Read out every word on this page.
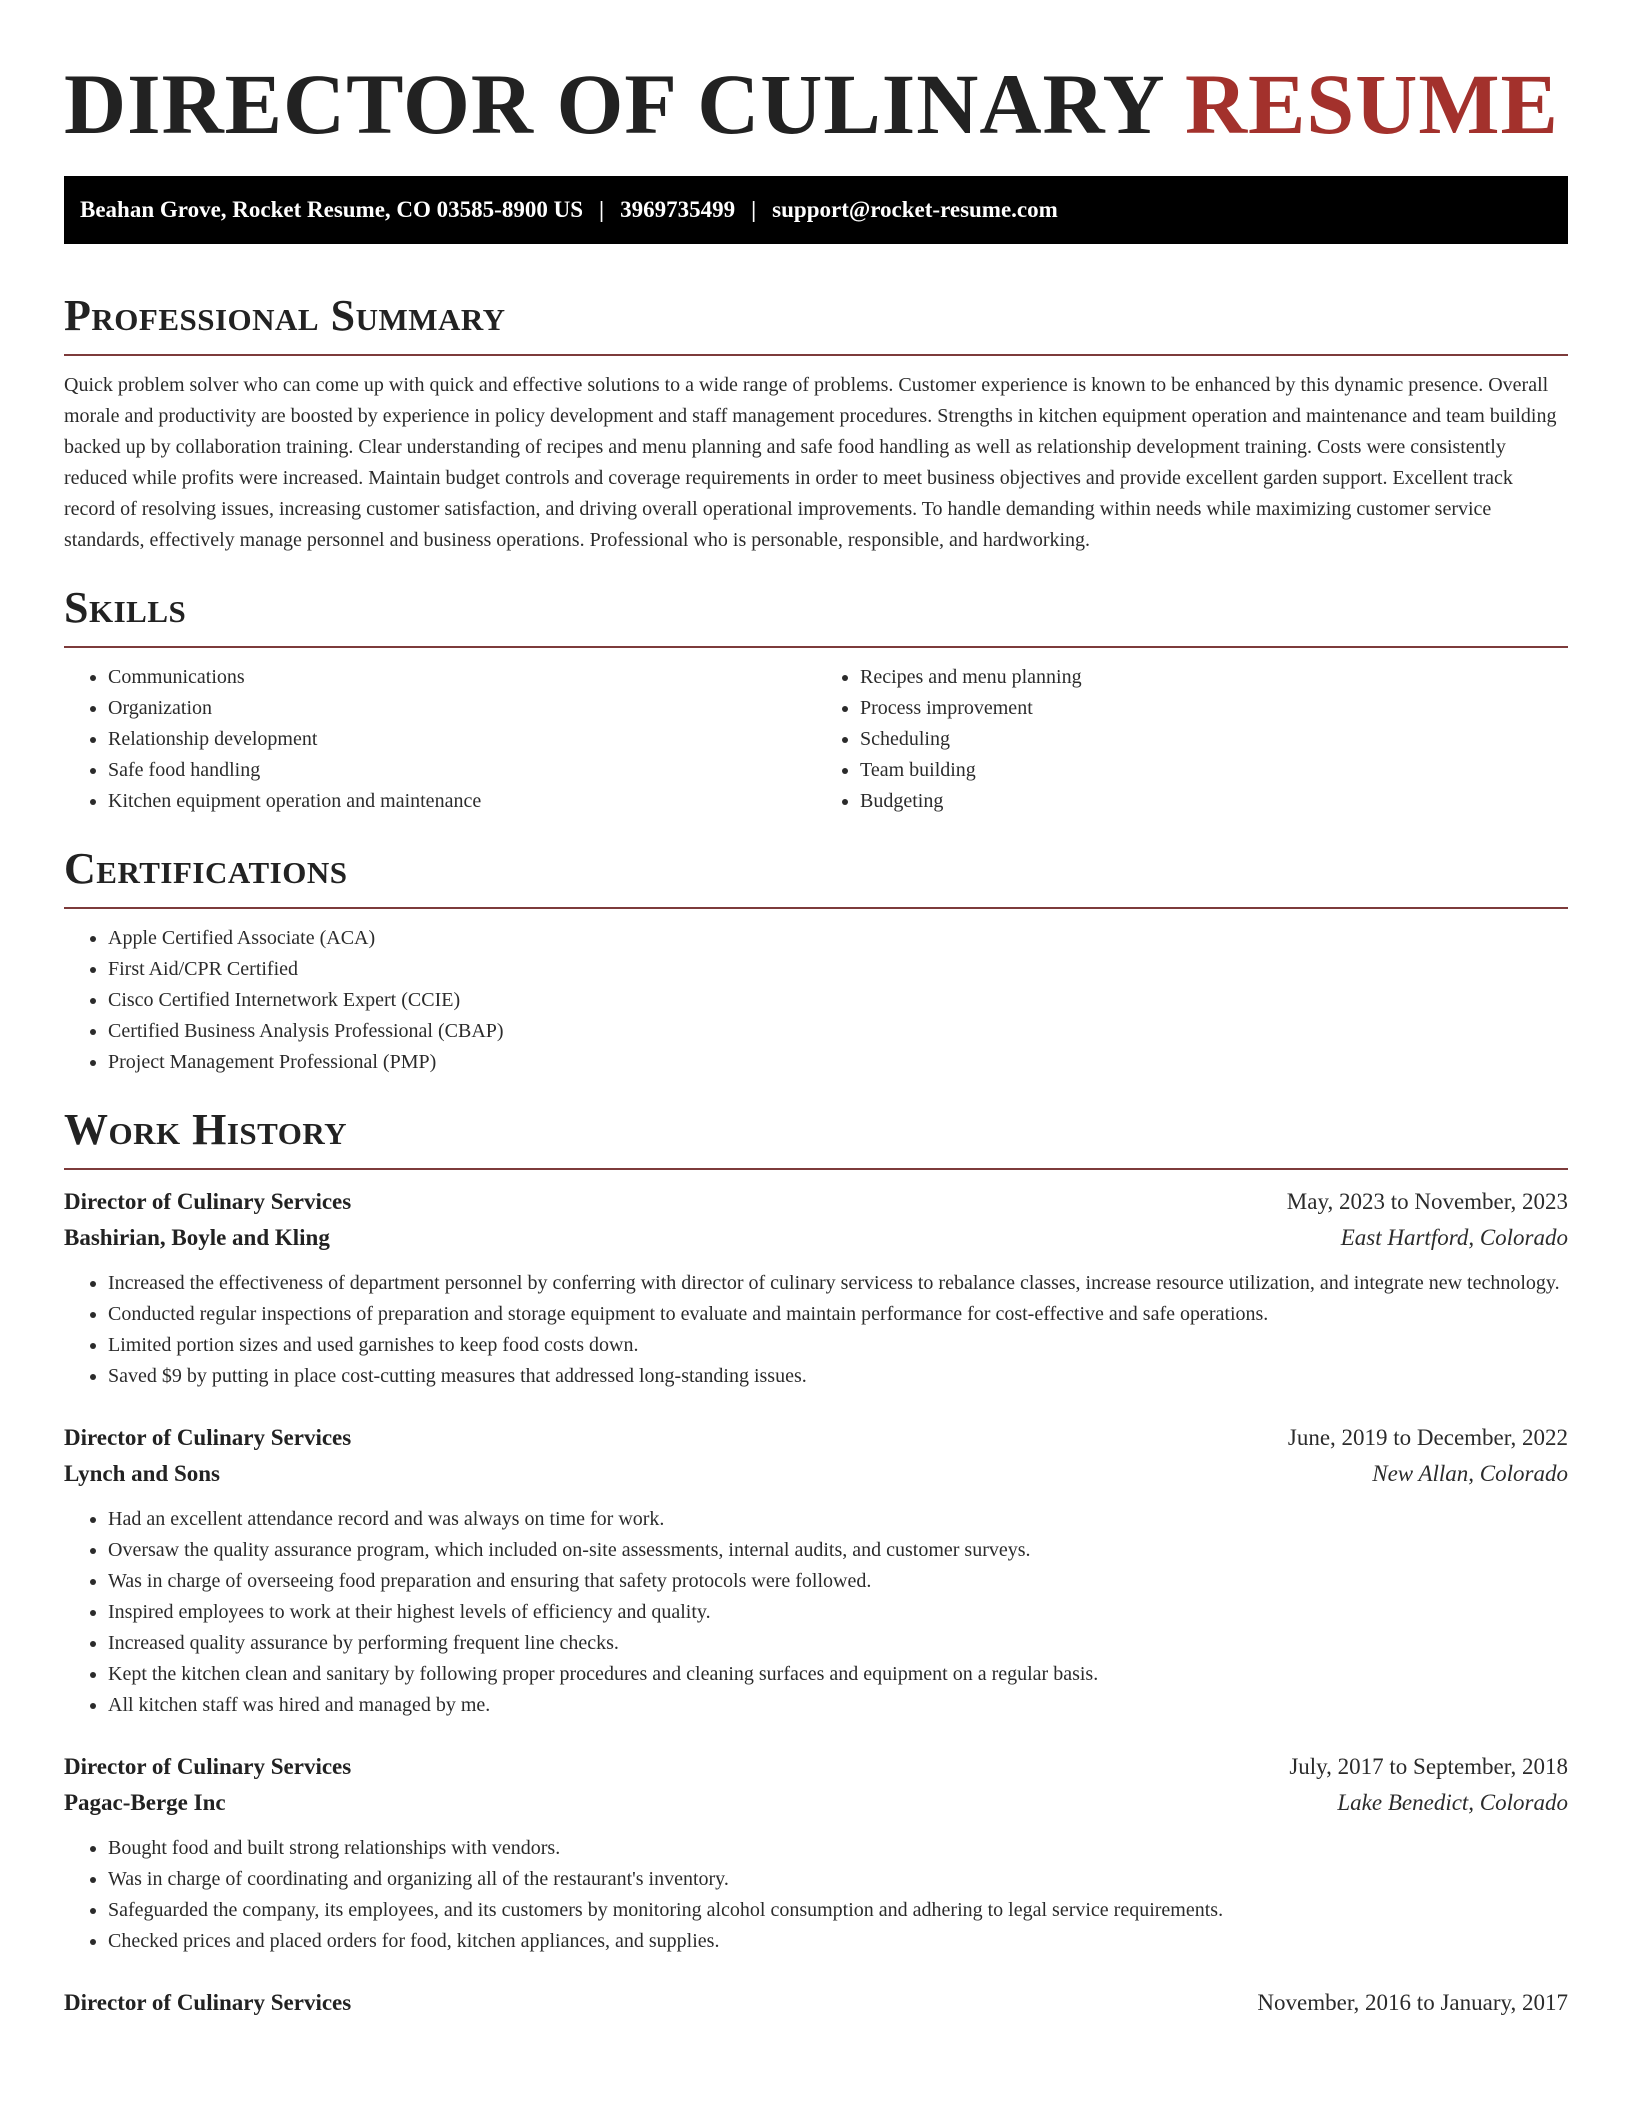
DIRECTOR OF CULINARY RESUME
Beahan Grove, Rocket Resume, CO 03585-8900 US | 3969735499 | support@rocket-resume.com
Professional Summary

Quick problem solver who can come up with quick and effective solutions to a wide range of problems. Customer experience is known to be enhanced by this dynamic presence. Overall morale and productivity are boosted by experience in policy development and staff management procedures. Strengths in kitchen equipment operation and maintenance and team building backed up by collaboration training. Clear understanding of recipes and menu planning and safe food handling as well as relationship development training. Costs were consistently reduced while profits were increased. Maintain budget controls and coverage requirements in order to meet business objectives and provide excellent garden support. Excellent track record of resolving issues, increasing customer satisfaction, and driving overall operational improvements. To handle demanding within needs while maximizing customer service standards, effectively manage personnel and business operations. Professional who is personable, responsible, and hardworking.

Skills
• Communications
• Organization
• Relationship development
• Safe food handling
• Kitchen equipment operation and maintenance
• Recipes and menu planning
• Process improvement
• Scheduling
• Team building
• Budgeting
Certifications
• Apple Certified Associate (ACA)
• First Aid/CPR Certified
• Cisco Certified Internetwork Expert (CCIE)
• Certified Business Analysis Professional (CBAP)
• Project Management Professional (PMP)
Work History
Director of Culinary Services	May, 2023 to November, 2023
Bashirian, Boyle and Kling	East Hartford, Colorado
• Increased the effectiveness of department personnel by conferring with director of culinary servicess to rebalance classes, increase resource utilization, and integrate new technology.
• Conducted regular inspections of preparation and storage equipment to evaluate and maintain performance for cost-effective and safe operations.
• Limited portion sizes and used garnishes to keep food costs down.
• Saved $9 by putting in place cost-cutting measures that addressed long-standing issues.
Director of Culinary Services	June, 2019 to December, 2022
Lynch and Sons	New Allan, Colorado
• Had an excellent attendance record and was always on time for work.
• Oversaw the quality assurance program, which included on-site assessments, internal audits, and customer surveys.
• Was in charge of overseeing food preparation and ensuring that safety protocols were followed.
• Inspired employees to work at their highest levels of efficiency and quality.
• Increased quality assurance by performing frequent line checks.
• Kept the kitchen clean and sanitary by following proper procedures and cleaning surfaces and equipment on a regular basis.
• All kitchen staff was hired and managed by me.
Director of Culinary Services	July, 2017 to September, 2018
Pagac-Berge Inc	Lake Benedict, Colorado
• Bought food and built strong relationships with vendors.
• Was in charge of coordinating and organizing all of the restaurant's inventory.
• Safeguarded the company, its employees, and its customers by monitoring alcohol consumption and adhering to legal service requirements.
• Checked prices and placed orders for food, kitchen appliances, and supplies.
Director of Culinary Services	November, 2016 to January, 2017
